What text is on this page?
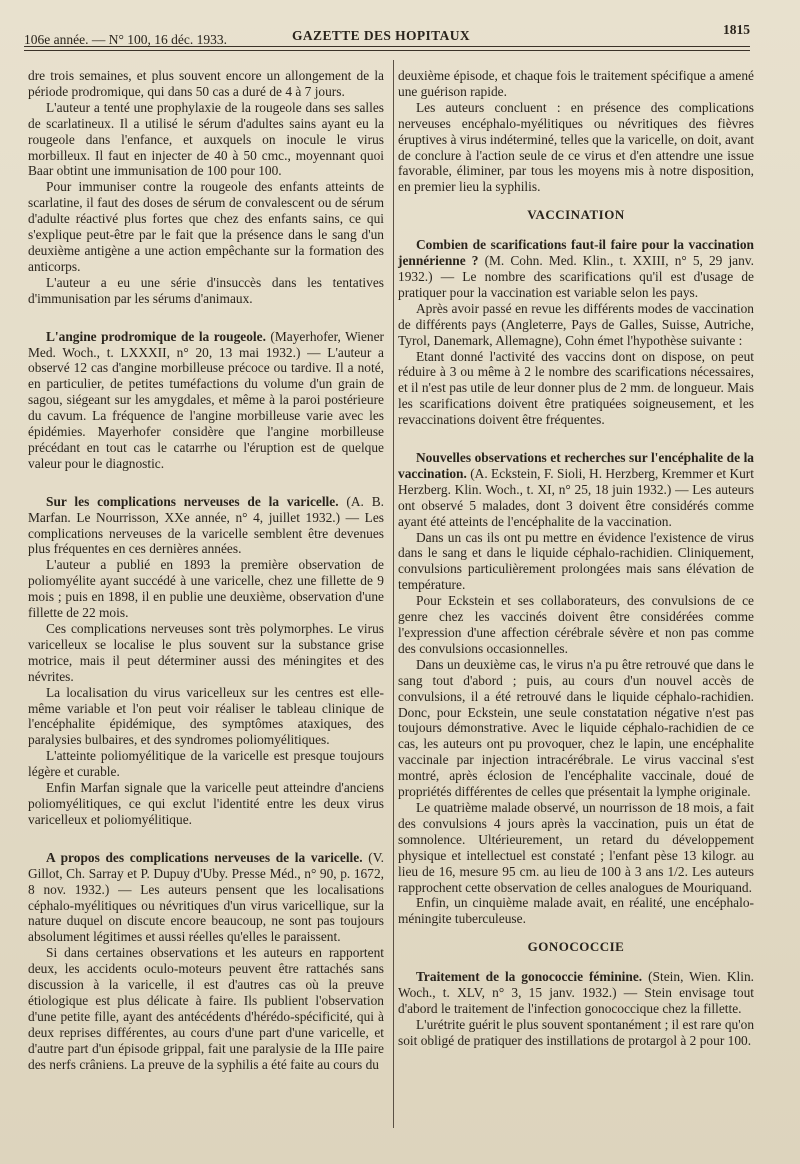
106e année. — N° 100, 16 déc. 1933.	GAZETTE DES HOPITAUX	1815

dre trois semaines, et plus souvent encore un allongement de la période prodromique, qui dans 50 cas a duré de 4 à 7 jours.

L'auteur a tenté une prophylaxie de la rougeole dans ses salles de scarlatineux. Il a utilisé le sérum d'adultes sains ayant eu la rougeole dans l'enfance, et auxquels on inocule le virus morbilleux. Il faut en injecter de 40 à 50 cmc., moyennant quoi Baar obtint une immunisation de 100 pour 100.

Pour immuniser contre la rougeole des enfants atteints de scarlatine, il faut des doses de sérum de convalescent ou de sérum d'adulte réactivé plus fortes que chez des enfants sains, ce qui s'explique peut-être par le fait que la présence dans le sang d'un deuxième antigène a une action empêchante sur la formation des anticorps.

L'auteur a eu une série d'insuccès dans les tentatives d'immunisation par les sérums d'animaux.

L'angine prodromique de la rougeole. (Mayerhofer, Wiener Med. Woch., t. LXXXII, n° 20, 13 mai 1932.) — L'auteur a observé 12 cas d'angine morbilleuse précoce ou tardive. Il a noté, en particulier, de petites tuméfactions du volume d'un grain de sagou, siégeant sur les amygdales, et même à la paroi postérieure du cavum. La fréquence de l'angine morbilleuse varie avec les épidémies. Mayerhofer considère que l'angine morbilleuse précédant en tout cas le catarrhe ou l'éruption est de quelque valeur pour le diagnostic.

Sur les complications nerveuses de la varicelle. (A. B. Marfan. Le Nourrisson, XXe année, n° 4, juillet 1932.) — Les complications nerveuses de la varicelle semblent être devenues plus fréquentes en ces dernières années.

L'auteur a publié en 1893 la première observation de poliomyélite ayant succédé à une varicelle, chez une fillette de 9 mois ; puis en 1898, il en publie une deuxième, observation d'une fillette de 22 mois.

Ces complications nerveuses sont très polymorphes. Le virus varicelleux se localise le plus souvent sur la substance grise motrice, mais il peut déterminer aussi des méningites et des névrites.

La localisation du virus varicelleux sur les centres est elle-même variable et l'on peut voir réaliser le tableau clinique de l'encéphalite épidémique, des symptômes ataxiques, des paralysies bulbaires, et des syndromes poliomyélitiques.

L'atteinte poliomyélitique de la varicelle est presque toujours légère et curable.

Enfin Marfan signale que la varicelle peut atteindre d'anciens poliomyélitiques, ce qui exclut l'identité entre les deux virus varicelleux et poliomyélitique.

A propos des complications nerveuses de la varicelle. (V. Gillot, Ch. Sarray et P. Dupuy d'Uby. Presse Méd., n° 90, p. 1672, 8 nov. 1932.) — Les auteurs pensent que les localisations céphalo-myélitiques ou névritiques d'un virus varicellique, sur la nature duquel on discute encore beaucoup, ne sont pas toujours absolument légitimes et aussi réelles qu'elles le paraissent.

Si dans certaines observations et les auteurs en rapportent deux, les accidents oculo-moteurs peuvent être rattachés sans discussion à la varicelle, il est d'autres cas où la preuve étiologique est plus délicate à faire. Ils publient l'observation d'une petite fille, ayant des antécédents d'hérédo-spécificité, qui à deux reprises différentes, au cours d'une part d'une varicelle, et d'autre part d'un épisode grippal, fait une paralysie de la IIIe paire des nerfs crâniens. La preuve de la syphilis a été faite au cours du

deuxième épisode, et chaque fois le traitement spécifique a amené une guérison rapide.

Les auteurs concluent : en présence des complications nerveuses encéphalo-myélitiques ou névritiques des fièvres éruptives à virus indéterminé, telles que la varicelle, on doit, avant de conclure à l'action seule de ce virus et d'en attendre une issue favorable, éliminer, par tous les moyens mis à notre disposition, en premier lieu la syphilis.

VACCINATION

Combien de scarifications faut-il faire pour la vaccination jennérienne ? (M. Cohn. Med. Klin., t. XXIII, n° 5, 29 janv. 1932.) — Le nombre des scarifications qu'il est d'usage de pratiquer pour la vaccination est variable selon les pays.

Après avoir passé en revue les différents modes de vaccination de différents pays (Angleterre, Pays de Galles, Suisse, Autriche, Tyrol, Danemark, Allemagne), Cohn émet l'hypothèse suivante :

Etant donné l'activité des vaccins dont on dispose, on peut réduire à 3 ou même à 2 le nombre des scarifications nécessaires, et il n'est pas utile de leur donner plus de 2 mm. de longueur. Mais les scarifications doivent être pratiquées soigneusement, et les revaccinations doivent être fréquentes.

Nouvelles observations et recherches sur l'encéphalite de la vaccination. (A. Eckstein, F. Sioli, H. Herzberg, Kremmer et Kurt Herzberg. Klin. Woch., t. XI, n° 25, 18 juin 1932.) — Les auteurs ont observé 5 malades, dont 3 doivent être considérés comme ayant été atteints de l'encéphalite de la vaccination.

Dans un cas ils ont pu mettre en évidence l'existence de virus dans le sang et dans le liquide céphalo-rachidien. Cliniquement, convulsions particulièrement prolongées mais sans élévation de température.

Pour Eckstein et ses collaborateurs, des convulsions de ce genre chez les vaccinés doivent être considérées comme l'expression d'une affection cérébrale sévère et non pas comme des convulsions occasionnelles.

Dans un deuxième cas, le virus n'a pu être retrouvé que dans le sang tout d'abord ; puis, au cours d'un nouvel accès de convulsions, il a été retrouvé dans le liquide céphalo-rachidien. Donc, pour Eckstein, une seule constatation négative n'est pas toujours démonstrative. Avec le liquide céphalo-rachidien de ce cas, les auteurs ont pu provoquer, chez le lapin, une encéphalite vaccinale par injection intracérébrale. Le virus vaccinal s'est montré, après éclosion de l'encéphalite vaccinale, doué de propriétés différentes de celles que présentait la lymphe originale.

Le quatrième malade observé, un nourrisson de 18 mois, a fait des convulsions 4 jours après la vaccination, puis un état de somnolence. Ultérieurement, un retard du développement physique et intellectuel est constaté ; l'enfant pèse 13 kilogr. au lieu de 16, mesure 95 cm. au lieu de 100 à 3 ans 1/2. Les auteurs rapprochent cette observation de celles analogues de Mouriquand.

Enfin, un cinquième malade avait, en réalité, une encéphalo-méningite tuberculeuse.

GONOCOCCIE

Traitement de la gonococcie féminine. (Stein, Wien. Klin. Woch., t. XLV, n° 3, 15 janv. 1932.) — Stein envisage tout d'abord le traitement de l'infection gonococcique chez la fillette.

L'urétrite guérit le plus souvent spontanément ; il est rare qu'on soit obligé de pratiquer des instillations de protargol à 2 pour 100.
